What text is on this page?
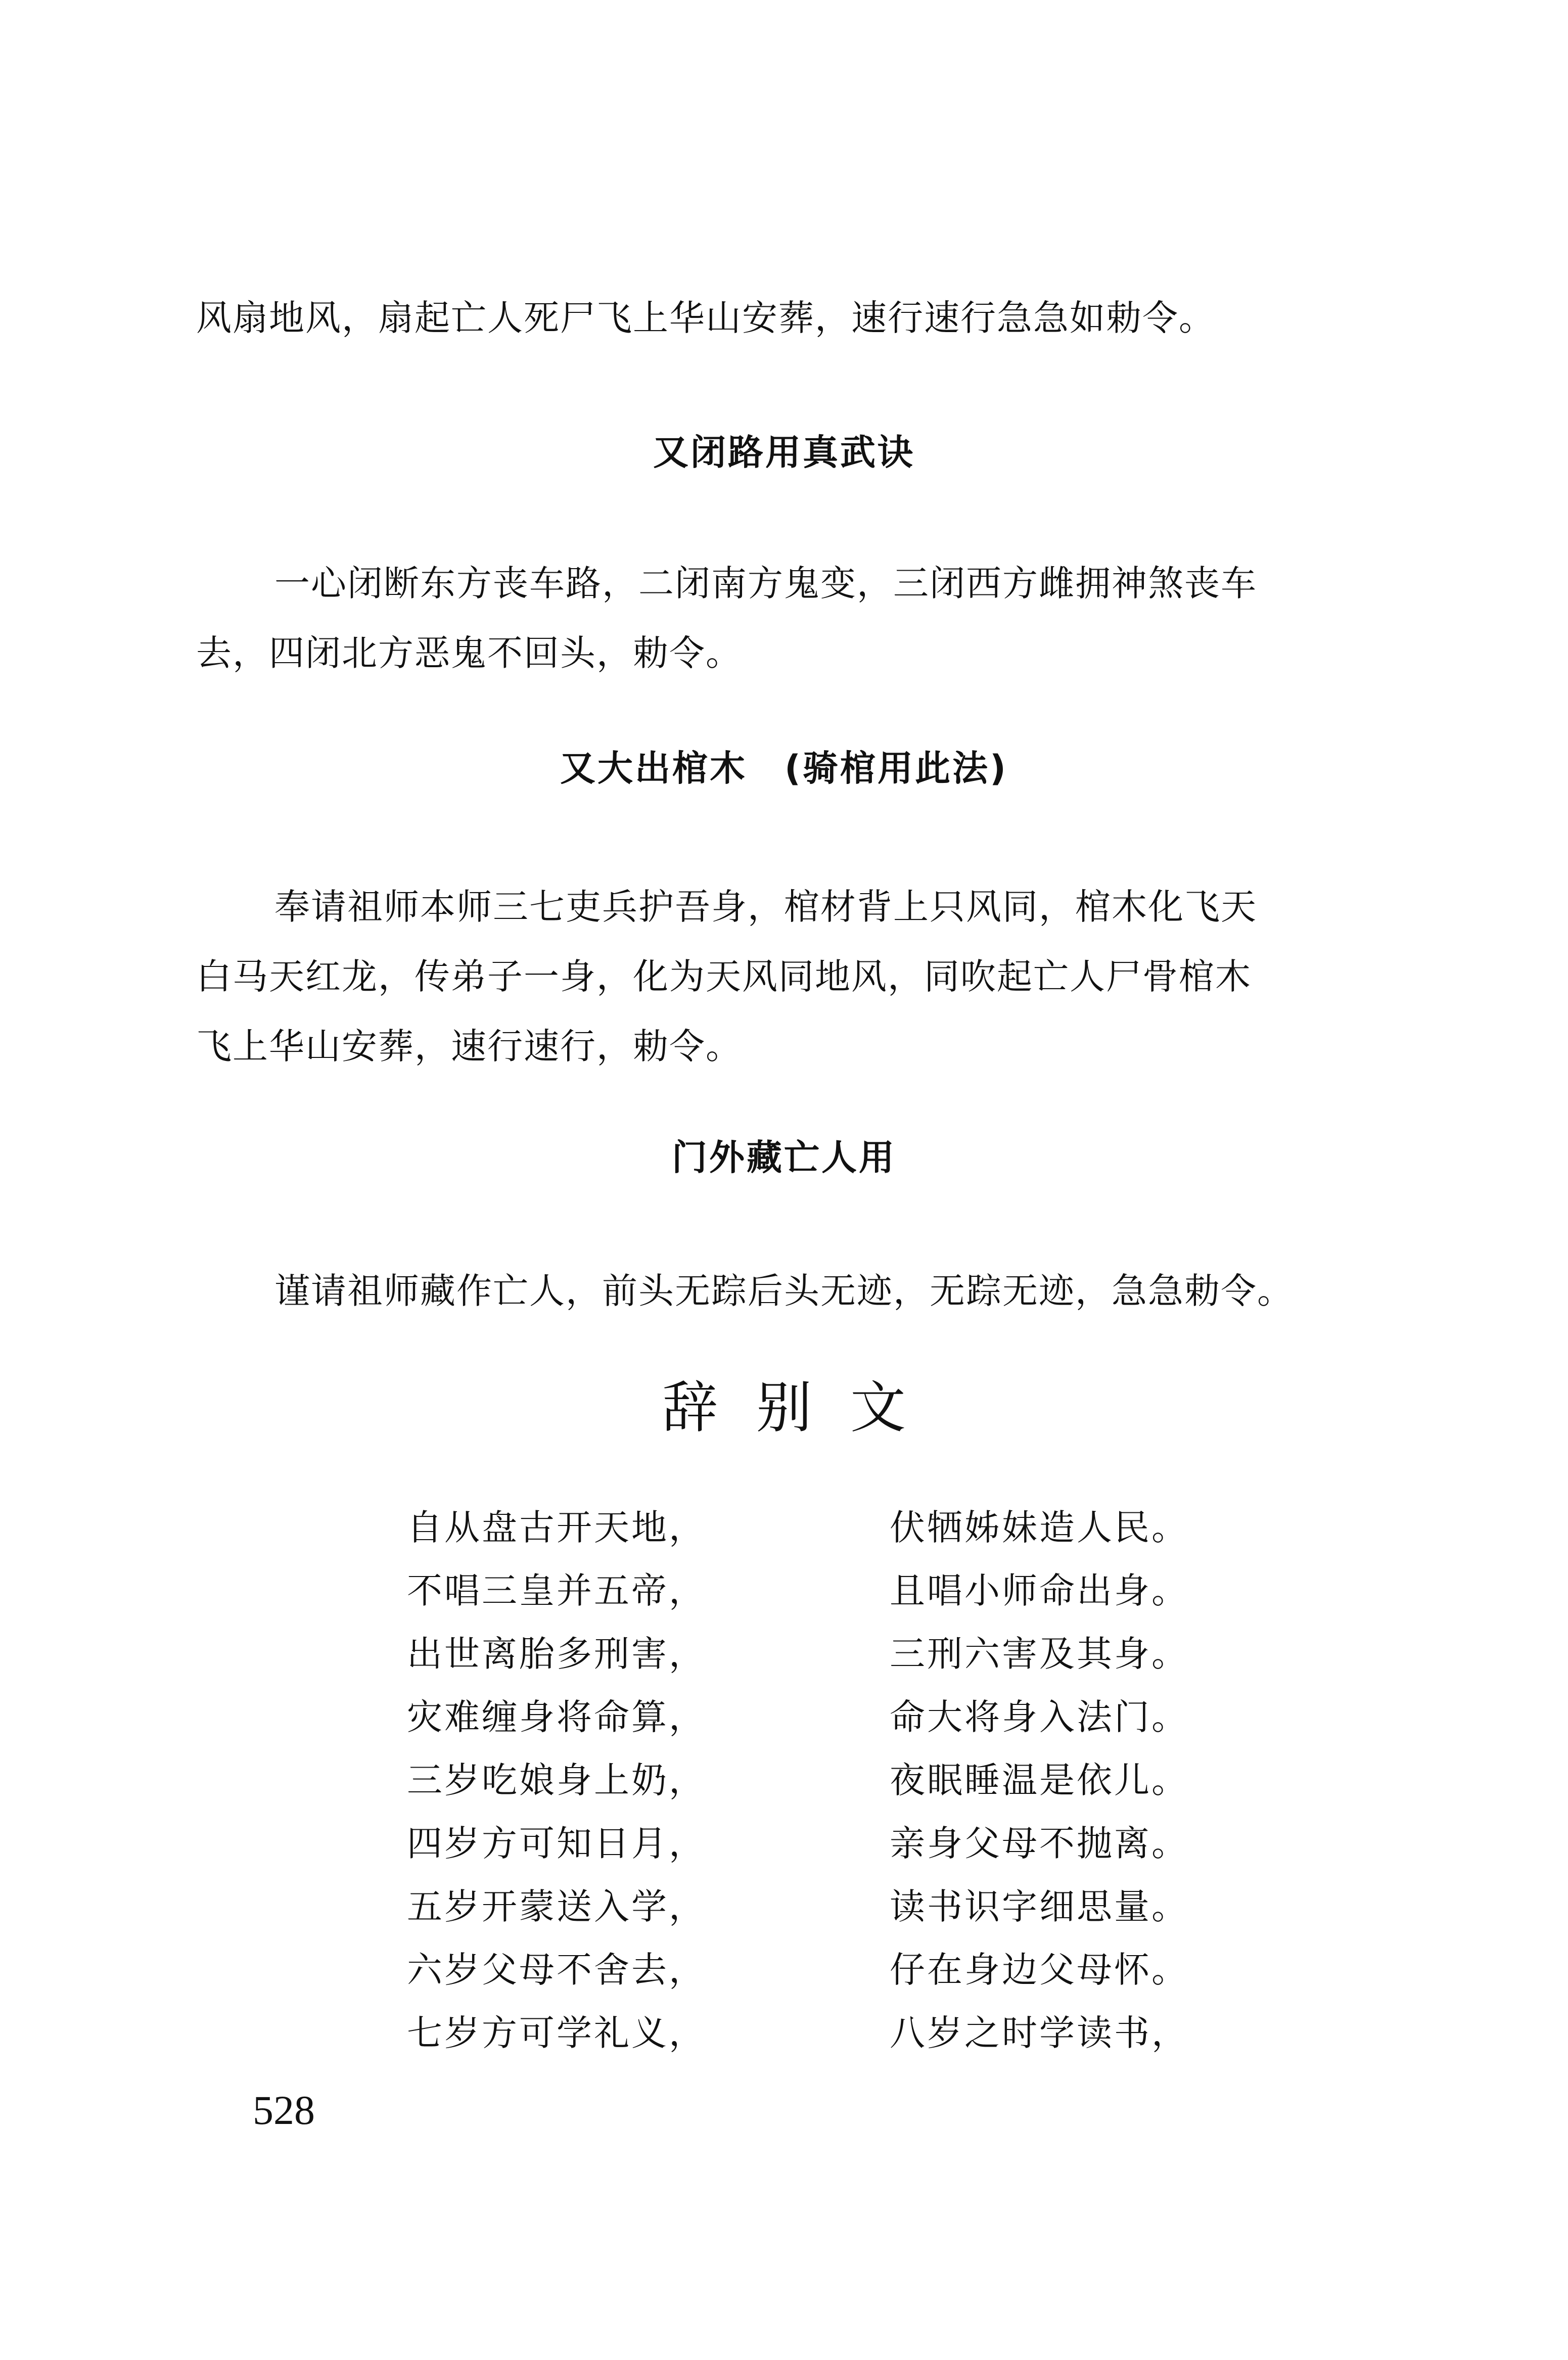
风扇地风，扇起亡人死尸飞上华山安葬，速行速行急急如勅令。
又闭路用真武诀
一心闭断东方丧车路，二闭南方鬼变，三闭西方雌拥神煞丧车
去，四闭北方恶鬼不回头，勅令。
又大出棺木　(骑棺用此法)
奉请祖师本师三七吏兵护吾身，棺材背上只风同，棺木化飞天
白马天红龙，传弟子一身，化为天风同地风，同吹起亡人尸骨棺木
飞上华山安葬，速行速行，勅令。
门外藏亡人用
谨请祖师藏作亡人，前头无踪后头无迹，无踪无迹，急急勅令。
辞 别 文
自从盘古开天地，
不唱三皇并五帝，
出世离胎多刑害，
灾难缠身将命算，
三岁吃娘身上奶，
四岁方可知日月，
五岁开蒙送入学，
六岁父母不舍去，
七岁方可学礼义，
伏牺姊妹造人民。
且唱小师命出身。
三刑六害及其身。
命大将身入法门。
夜眠睡温是依儿。
亲身父母不抛离。
读书识字细思量。
仔在身边父母怀。
八岁之时学读书，
528
